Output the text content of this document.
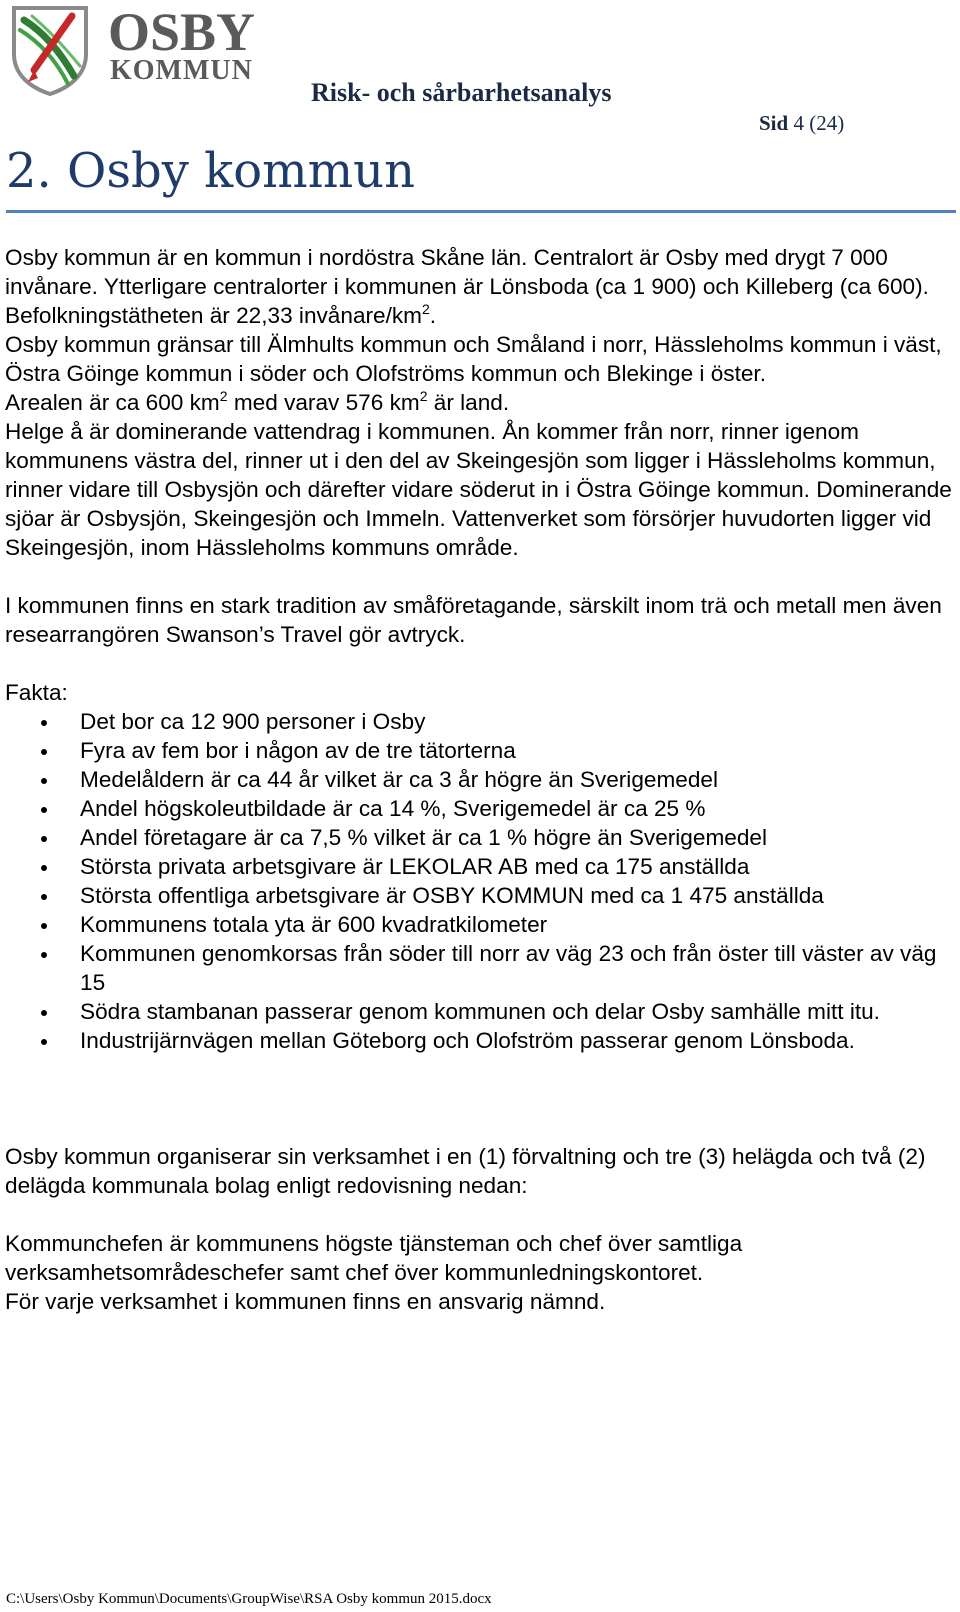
OSBY
KOMMUN
Risk- och sårbarhetsanalys
Sid 4 (24)
2. Osby kommun

Osby kommun är en kommun i nordöstra Skåne län. Centralort är Osby med drygt 7 000 invånare. Ytterligare centralorter i kommunen är Lönsboda (ca 1 900) och Killeberg (ca 600).

Befolkningstätheten är 22,33 invånare/$km^2$.

Osby kommun gränsar till Älmhults kommun och Småland i norr, Hässleholms kommun i väst, Östra Göinge kommun i söder och Olofströms kommun och Blekinge i öster.

Arealen är ca 600 $km^2$ med varav 576 $km^2$ är land.

Helge å är dominerande vattendrag i kommunen. Ån kommer från norr, rinner igenom kommunens västra del, rinner ut i den del av Skeingesjön som ligger i Hässleholms kommun, rinner vidare till Osbysjön och därefter vidare söderut in i Östra Göinge kommun. Dominerande sjöar är Osbysjön, Skeingesjön och Immeln. Vattenverket som försörjer huvudorten ligger vid Skeingesjön, inom Hässleholms kommuns område.

I kommunen finns en stark tradition av småföretagande, särskilt inom trä och metall men även researrangören Swanson’s Travel gör avtryck.

Fakta:

Det bor ca 12 900 personer i Osby
Fyra av fem bor i någon av de tre tätorterna
Medelåldern är ca 44 år vilket är ca 3 år högre än Sverigemedel
Andel högskoleutbildade är ca 14 %, Sverigemedel är ca 25 %
Andel företagare är ca 7,5 % vilket är ca 1 % högre än Sverigemedel
Största privata arbetsgivare är LEKOLAR AB med ca 175 anställda
Största offentliga arbetsgivare är OSBY KOMMUN med ca 1 475 anställda
Kommunens totala yta är 600 kvadratkilometer
Kommunen genomkorsas från söder till norr av väg 23 och från öster till väster av väg 15
Södra stambanan passerar genom kommunen och delar Osby samhälle mitt itu.
Industrijärnvägen mellan Göteborg och Olofström passerar genom Lönsboda.

Osby kommun organiserar sin verksamhet i en (1) förvaltning och tre (3) helägda och två (2) delägda kommunala bolag enligt redovisning nedan:

Kommunchefen är kommunens högste tjänsteman och chef över samtliga verksamhetsområdeschefer samt chef över kommunledningskontoret.

För varje verksamhet i kommunen finns en ansvarig nämnd.

C:\Users\Osby Kommun\Documents\GroupWise\RSA Osby kommun 2015.docx
